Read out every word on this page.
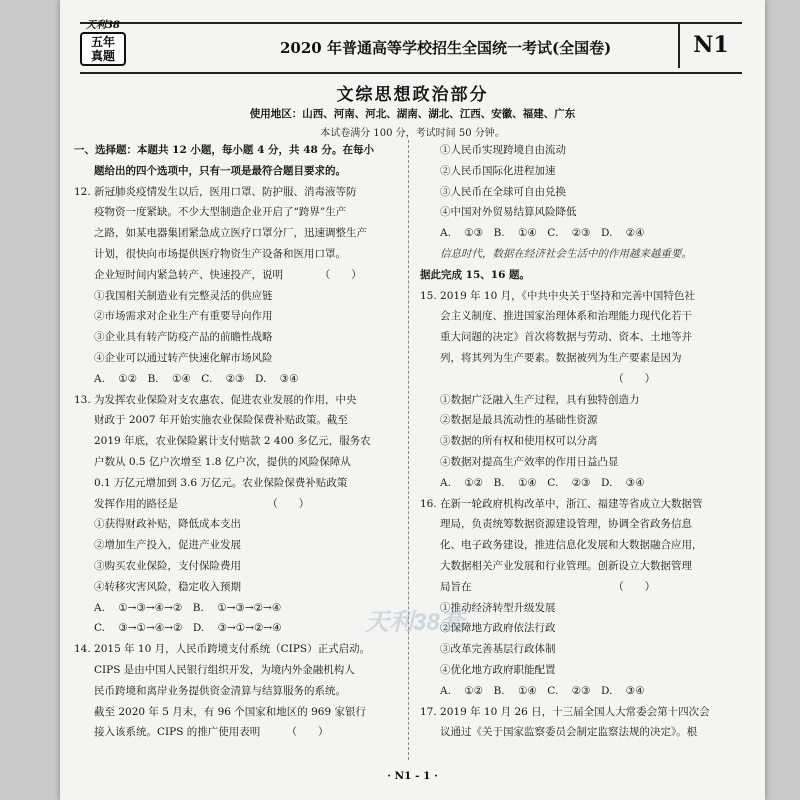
天利38
五年
真题	2020 年普通高等学校招生全国统一考试(全国卷)	N1
文综思想政治部分
使用地区：山西、河南、河北、湖南、湖北、江西、安徽、福建、广东
本试卷满分 100 分，考试时间 50 分钟。

一、选择题：本题共 12 小题，每小题 4 分，共 48 分。在每小

题给出的四个选项中，只有一项是最符合题目要求的。

12. 新冠肺炎疫情发生以后，医用口罩、防护服、消毒液等防

疫物资一度紧缺。不少大型制造企业开启了“跨界”生产

之路，如某电器集团紧急成立医疗口罩分厂，迅速调整生产

计划，很快向市场提供医疗物资生产设备和医用口罩。

企业短时间内紧急转产、快速投产，说明　　　　（　　）

①我国相关制造业有完整灵活的供应链

②市场需求对企业生产有重要导向作用

③企业具有转产防疫产品的前瞻性战略

④企业可以通过转产快速化解市场风险

A. ①②　B. ①④　C. ②③　D. ③④

13. 为发挥农业保险对支农惠农、促进农业发展的作用，中央

财政于 2007 年开始实施农业保险保费补贴政策。截至

2019 年底，农业保险累计支付赔款 2 400 多亿元，服务农

户数从 0.5 亿户次增至 1.8 亿户次，提供的风险保障从

0.1 万亿元增加到 3.6 万亿元。农业保险保费补贴政策

发挥作用的路径是　　　　　　　　　（　　）

①获得财政补贴，降低成本支出

②增加生产投入，促进产业发展

③购买农业保险，支付保险费用

④转移灾害风险，稳定收入预期

A. ①→③→④→②　B. ①→③→②→④

C. ③→①→④→②　D. ③→①→②→④

14. 2015 年 10 月，人民币跨境支付系统（CIPS）正式启动。

CIPS 是由中国人民银行组织开发，为境内外金融机构人

民币跨境和离岸业务提供资金清算与结算服务的系统。

截至 2020 年 5 月末，有 96 个国家和地区的 969 家银行

接入该系统。CIPS 的推广使用表明　　　（　　）

①人民币实现跨境自由流动

②人民币国际化进程加速

③人民币在全球可自由兑换

④中国对外贸易结算风险降低

A. ①③　B. ①④　C. ②③　D. ②④

信息时代，数据在经济社会生活中的作用越来越重要。

据此完成 15、16 题。

15. 2019 年 10 月，《中共中央关于坚持和完善中国特色社

会主义制度、推进国家治理体系和治理能力现代化若干

重大问题的决定》首次将数据与劳动、资本、土地等并

列，将其列为生产要素。数据被列为生产要素是因为

　　　　　　　　　　　　　　　　　（　　）

①数据广泛融入生产过程，具有独特创造力

②数据是最具流动性的基础性资源

③数据的所有权和使用权可以分离

④数据对提高生产效率的作用日益凸显

A. ①②　B. ①④　C. ②③　D. ③④

16. 在新一轮政府机构改革中，浙江、福建等省成立大数据管

理局，负责统筹数据资源建设管理，协调全省政务信息

化、电子政务建设，推进信息化发展和大数据融合应用，

大数据相关产业发展和行业管理。创新设立大数据管理

局旨在　　　　　　　　　　　　　　（　　）

①推动经济转型升级发展

②保障地方政府依法行政

③改革完善基层行政体制

④优化地方政府职能配置

A. ①②　B. ①④　C. ②③　D. ③④

17. 2019 年 10 月 26 日，十三届全国人大常委会第十四次会

议通过《关于国家监察委员会制定监察法规的决定》。根

天利38套
· N1 - 1 ·
